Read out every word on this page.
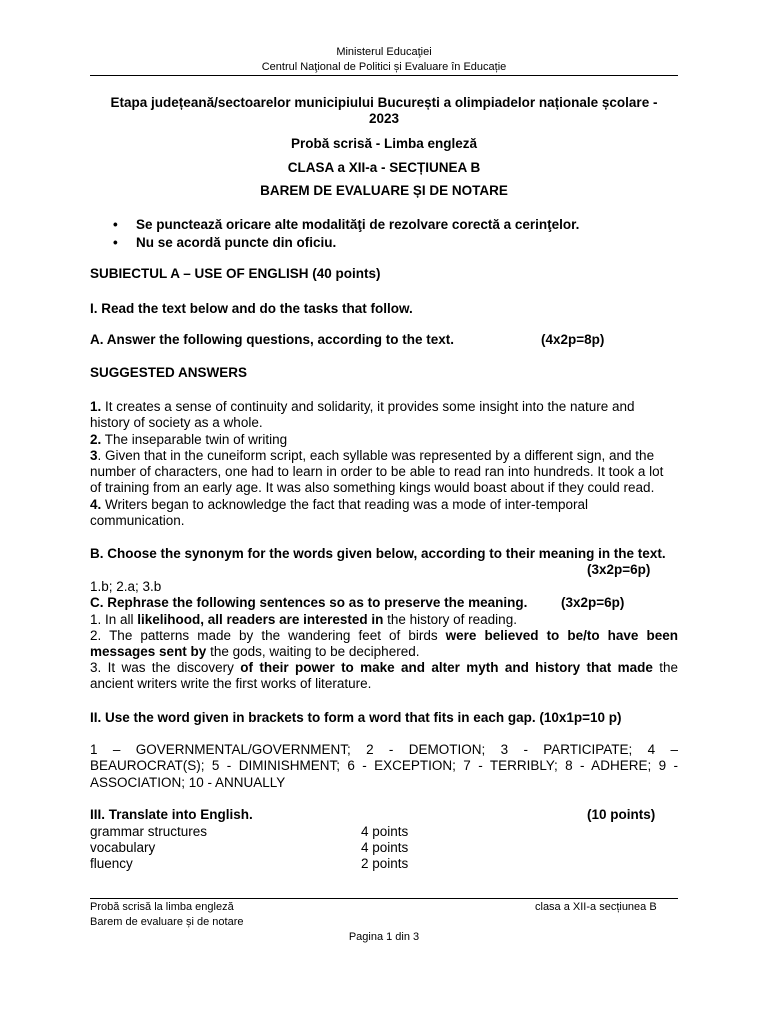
Ministerul Educaţiei
Centrul Naţional de Politici și Evaluare în Educație
Etapa județeană/sectoarelor municipiului București a olimpiadelor naționale școlare -
2023
Probă scrisă - Limba engleză
CLASA a XII-a - SECȚIUNEA B
BAREM DE EVALUARE ȘI DE NOTARE
• Se punctează oricare alte modalităţi de rezolvare corectă a cerinţelor.
• Nu se acordă puncte din oficiu.
SUBIECTUL A – USE OF ENGLISH (40 points)
I. Read the text below and do the tasks that follow.
A. Answer the following questions, according to the text.	(4x2p=8p)
SUGGESTED ANSWERS
1. It creates a sense of continuity and solidarity, it provides some insight into the nature and history of society as a whole.
2. The inseparable twin of writing
3. Given that in the cuneiform script, each syllable was represented by a different sign, and the number of characters, one had to learn in order to be able to read ran into hundreds. It took a lot of training from an early age. It was also something kings would boast about if they could read.
4. Writers began to acknowledge the fact that reading was a mode of inter-temporal communication.
B. Choose the synonym for the words given below, according to their meaning in the text.
(3x2p=6p)
1.b; 2.a; 3.b
C. Rephrase the following sentences so as to preserve the meaning. (3x2p=6p)
1. In all likelihood, all readers are interested in the history of reading.
2. The patterns made by the wandering feet of birds were believed to be/to have been messages sent by the gods, waiting to be deciphered.
3. It was the discovery of their power to make and alter myth and history that made the ancient writers write the first works of literature.
II. Use the word given in brackets to form a word that fits in each gap. (10x1p=10 p)
1 – GOVERNMENTAL/GOVERNMENT; 2 - DEMOTION; 3 - PARTICIPATE; 4 – BEAUROCRAT(S); 5 - DIMINISHMENT; 6 - EXCEPTION; 7 - TERRIBLY; 8 - ADHERE; 9 - ASSOCIATION; 10 - ANNUALLY
III. Translate into English.	(10 points)
grammar structures	4 points
vocabulary	4 points
fluency	2 points
Probă scrisă la limba engleză
Barem de evaluare și de notare
clasa a XII-a secțiunea B
Pagina 1 din 3
